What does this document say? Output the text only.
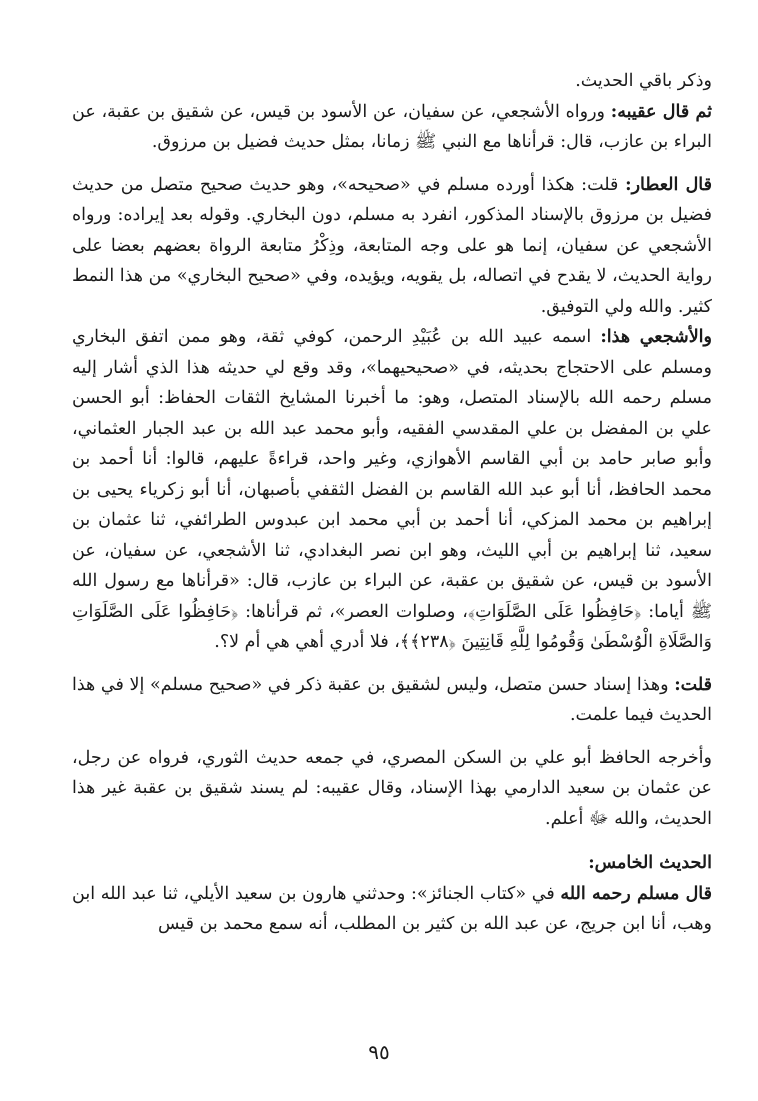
وذكر باقي الحديث.

ثم قال عقيبه: ورواه الأشجعي، عن سفيان، عن الأسود بن قيس، عن شقيق بن عقبة، عن البراء بن عازب، قال: قرأناها مع النبي ﷺ زمانا، بمثل حديث فضيل بن مرزوق.

قال العطار: قلت: هكذا أورده مسلم في «صحيحه»، وهو حديث صحيح متصل من حديث فضيل بن مرزوق بالإسناد المذكور، انفرد به مسلم، دون البخاري. وقوله بعد إيراده: ورواه الأشجعي عن سفيان، إنما هو على وجه المتابعة، وذِكْرُ متابعة الرواة بعضهم بعضا على رواية الحديث، لا يقدح في اتصاله، بل يقويه، ويؤيده، وفي «صحيح البخاري» من هذا النمط كثير. والله ولي التوفيق.

والأشجعي هذا: اسمه عبيد الله بن عُبَيْدِ الرحمن، كوفي ثقة، وهو ممن اتفق البخاري ومسلم على الاحتجاج بحديثه، في «صحيحيهما»، وقد وقع لي حديثه هذا الذي أشار إليه مسلم رحمه الله بالإسناد المتصل، وهو: ما أخبرنا المشايخ الثقات الحفاظ: أبو الحسن علي بن المفضل بن علي المقدسي الفقيه، وأبو محمد عبد الله بن عبد الجبار العثماني، وأبو صابر حامد بن أبي القاسم الأهوازي، وغير واحد، قراءةً عليهم، قالوا: أنا أحمد بن محمد الحافظ، أنا أبو عبد الله القاسم بن الفضل الثقفي بأصبهان، أنا أبو زكرياء يحيى بن إبراهيم بن محمد المزكي، أنا أحمد بن أبي محمد ابن عبدوس الطرائفي، ثنا عثمان بن سعيد، ثنا إبراهيم بن أبي الليث، وهو ابن نصر البغدادي، ثنا الأشجعي، عن سفيان، عن الأسود بن قيس، عن شقيق بن عقبة، عن البراء بن عازب، قال: «قرأناها مع رسول الله ﷺ أياما: ﴿حَافِظُوا عَلَى الصَّلَوَاتِ﴾، وصلوات العصر»، ثم قرأناها: ﴿حَافِظُوا عَلَى الصَّلَوَاتِ وَالصَّلَاةِ الْوُسْطَىٰ وَقُومُوا لِلَّهِ قَانِتِينَ ﴿٢٣٨﴾﴾، فلا أدري أهي هي أم لا؟.

قلت: وهذا إسناد حسن متصل، وليس لشقيق بن عقبة ذكر في «صحيح مسلم» إلا في هذا الحديث فيما علمت.

وأخرجه الحافظ أبو علي بن السكن المصري، في جمعه حديث الثوري، فرواه عن رجل، عن عثمان بن سعيد الدارمي بهذا الإسناد، وقال عقيبه: لم يسند شقيق بن عقبة غير هذا الحديث، والله ﷻ أعلم.

الحديث الخامس:

قال مسلم رحمه الله في «كتاب الجنائز»: وحدثني هارون بن سعيد الأيلي، ثنا عبد الله ابن وهب، أنا ابن جريج، عن عبد الله بن كثير بن المطلب، أنه سمع محمد بن قيس

٩٥
